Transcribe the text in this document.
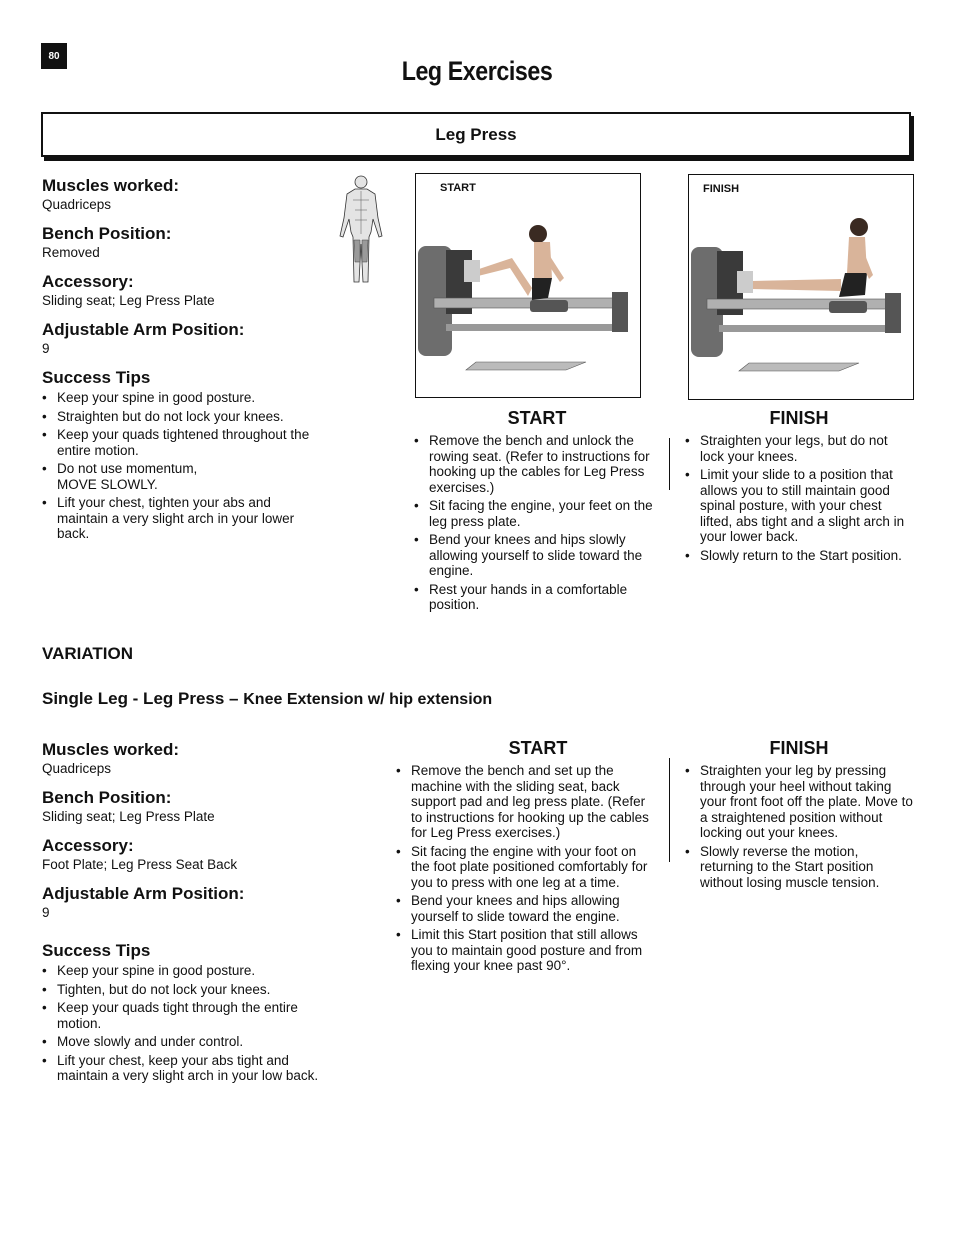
80	Leg Exercises
Leg Press

Muscles worked:

Quadriceps

Bench Position:

Removed

Accessory:

Sliding seat; Leg Press Plate

Adjustable Arm Position:

9

Success Tips

• Keep your spine in good posture.
• Straighten but do not lock your knees.
• Keep your quads tightened throughout the entire motion.
• Do not use momentum,
MOVE SLOWLY.
• Lift your chest, tighten your abs and maintain a very slight arch in your lower back.
START	FINISH

START

• Remove the bench and unlock the rowing seat. (Refer to instructions for hooking up the cables for Leg Press exercises.)
• Sit facing the engine, your feet on the leg press plate.
• Bend your knees and hips slowly allowing yourself to slide toward the engine.
• Rest your hands in a comfortable position.

FINISH

• Straighten your legs, but do not lock your knees.
• Limit your slide to a position that allows you to still maintain good spinal posture, with your chest lifted, abs tight and a slight arch in your lower back.
• Slowly return to the Start position.
VARIATION
Single Leg - Leg Press – Knee Extension w/ hip extension

Muscles worked:

Quadriceps

Bench Position:

Sliding seat; Leg Press Plate

Accessory:

Foot Plate; Leg Press Seat Back

Adjustable Arm Position:

9

Success Tips

• Keep your spine in good posture.
• Tighten, but do not lock your knees.
• Keep your quads tight through the entire motion.
• Move slowly and under control.
• Lift your chest, keep your abs tight and maintain a very slight arch in your low back.

START

• Remove the bench and set up the machine with the sliding seat, back support pad and leg press plate. (Refer to instructions for hooking up the cables for Leg Press exercises.)
• Sit facing the engine with your foot on the foot plate positioned comfortably for you to press with one leg at a time.
• Bend your knees and hips allowing yourself to slide toward the engine.
• Limit this Start position that still allows you to maintain good posture and from flexing your knee past 90°.

FINISH

• Straighten your leg by pressing through your heel without taking your front foot off the plate. Move to a straightened position without locking out your knees.
• Slowly reverse the motion, returning to the Start position without losing muscle tension.
